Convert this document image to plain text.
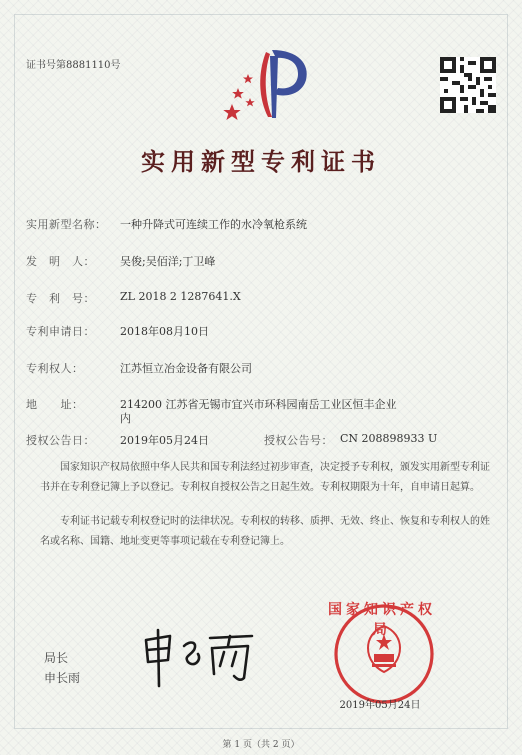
证书号第8881110号
实用新型专利证书
实用新型名称： 一种升降式可连续工作的水冷氧枪系统
发　明　人： 吴俊;吴佰洋;丁卫峰
专　利　号： ZL 2018 2 1287641.X
专利申请日： 2018年08月10日
专利权人：	江苏恒立冶金设备有限公司
地　　址：	214200 江苏省无锡市宜兴市环科园南岳工业区恒丰企业
内
授权公告日： 2019年05月24日	授权公告号： CN 208898933 U
国家知识产权局依照中华人民共和国专利法经过初步审查，决定授予专利权，颁发实用新型专利证书并在专利登记簿上予以登记。专利权自授权公告之日起生效。专利权期限为十年，自申请日起算。
专利证书记载专利权登记时的法律状况。专利权的转移、质押、无效、终止、恢复和专利权人的姓名或名称、国籍、地址变更等事项记载在专利登记簿上。
局长
申长雨
国家知识产权局
2019年05月24日
第 1 页（共 2 页）
